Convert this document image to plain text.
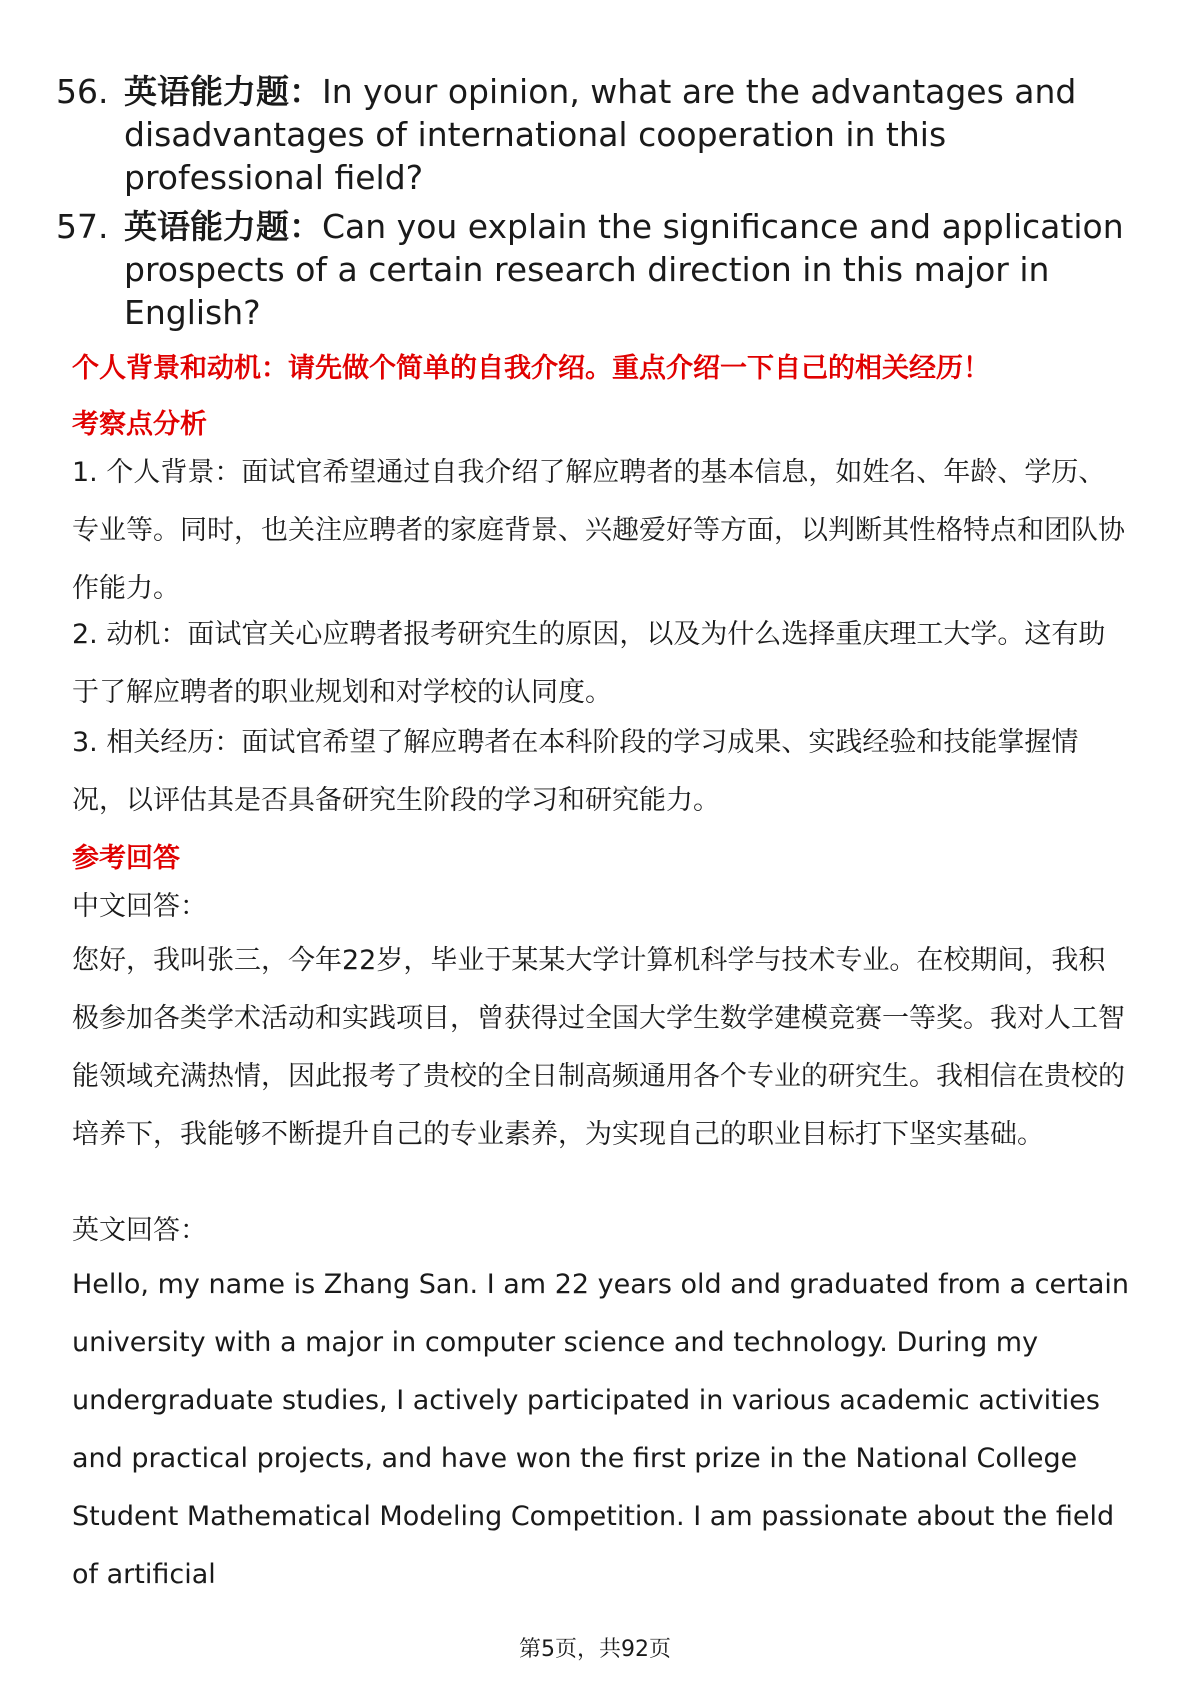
56. 英语能力题：In your opinion, what are the advantages and disadvantages of international cooperation in this professional field?
57. 英语能力题：Can you explain the significance and application prospects of a certain research direction in this major in English?
个人背景和动机：请先做个简单的自我介绍。重点介绍一下自己的相关经历！
考察点分析
1. 个人背景：面试官希望通过自我介绍了解应聘者的基本信息，如姓名、年龄、学历、专业等。同时，也关注应聘者的家庭背景、兴趣爱好等方面，以判断其性格特点和团队协作能力。
2. 动机：面试官关心应聘者报考研究生的原因，以及为什么选择重庆理工大学。这有助于了解应聘者的职业规划和对学校的认同度。
3. 相关经历：面试官希望了解应聘者在本科阶段的学习成果、实践经验和技能掌握情况，以评估其是否具备研究生阶段的学习和研究能力。
参考回答
中文回答：
您好，我叫张三，今年22岁，毕业于某某大学计算机科学与技术专业。在校期间，我积极参加各类学术活动和实践项目，曾获得过全国大学生数学建模竞赛一等奖。我对人工智能领域充满热情，因此报考了贵校的全日制高频通用各个专业的研究生。我相信在贵校的培养下，我能够不断提升自己的专业素养，为实现自己的职业目标打下坚实基础。
英文回答：
Hello, my name is Zhang San. I am 22 years old and graduated from a certain university with a major in computer science and technology. During my undergraduate studies, I actively participated in various academic activities and practical projects, and have won the first prize in the National College Student Mathematical Modeling Competition. I am passionate about the field of artificial
第5页，共92页
